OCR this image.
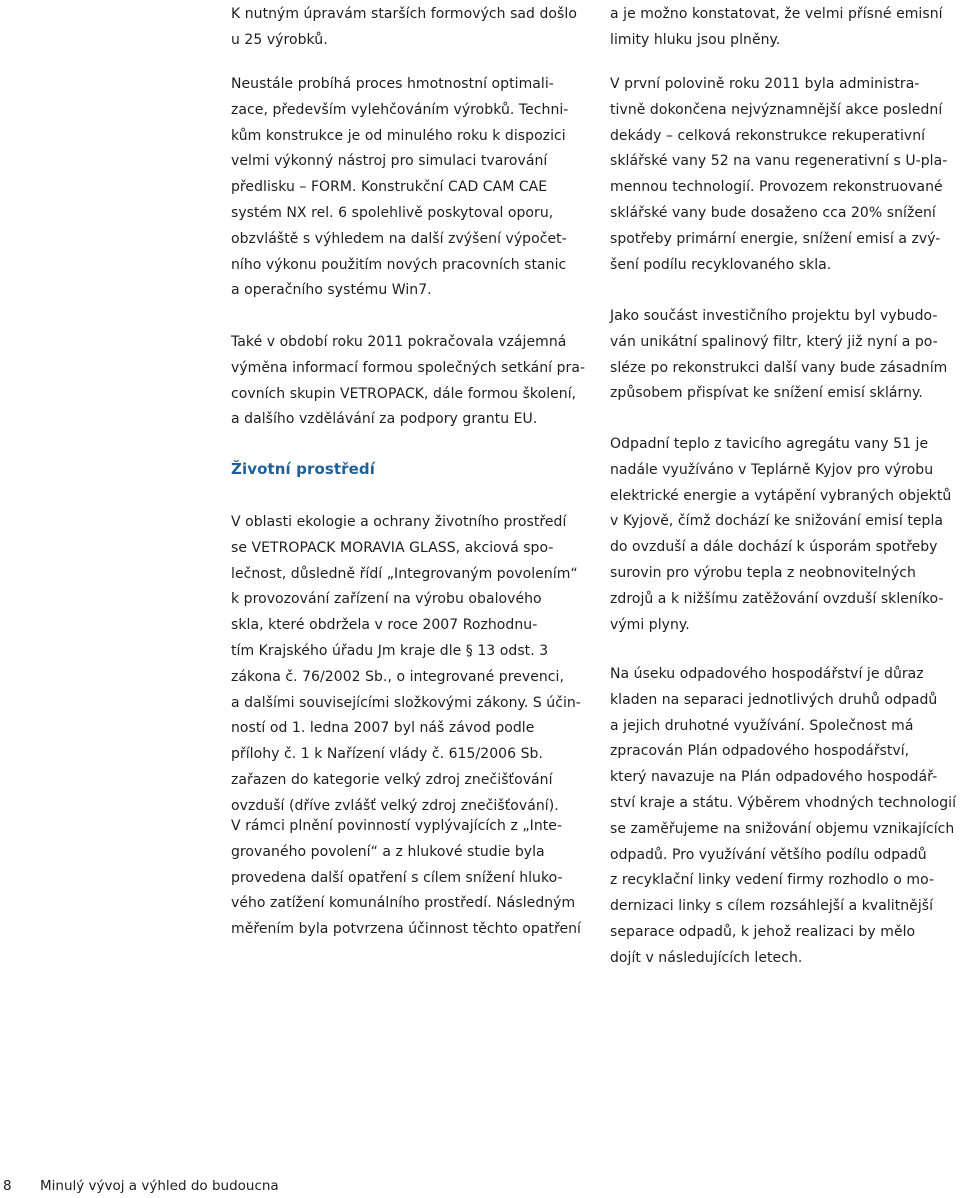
K nutným úpravám starších formových sad došlo
u 25 výrobků.
Neustále probíhá proces hmotnostní optimali-
zace, především vylehčováním výrobků. Techni-
kům konstrukce je od minulého roku k dispozici
velmi výkonný nástroj pro simulaci tvarování
předlisku – FORM. Konstrukční CAD CAM CAE
systém NX rel. 6 spolehlivě poskytoval oporu,
obzvláště s výhledem na další zvýšení výpočet-
ního výkonu použitím nových pracovních stanic
a operačního systému Win7.
Také v období roku 2011 pokračovala vzájemná
výměna informací formou společných setkání pra-
covních skupin VETROPACK, dále formou školení,
a dalšího vzdělávání za podpory grantu EU.
Životní prostředí
V oblasti ekologie a ochrany životního prostředí
se VETROPACK MORAVIA GLASS, akciová spo-
lečnost, důsledně řídí „Integrovaným povolením“
k provozování zařízení na výrobu obalového
skla, které obdržela v roce 2007 Rozhodnu-
tím Krajského úřadu Jm kraje dle § 13 odst. 3
zákona č. 76/2002 Sb., o integrované prevenci,
a dalšími souvisejícími složkovými zákony. S účin-
ností od 1. ledna 2007 byl náš závod podle
přílohy č. 1 k Nařízení vlády č. 615/2006 Sb.
zařazen do kategorie velký zdroj znečišťování
ovzduší (dříve zvlášť velký zdroj znečišťování).
V rámci plnění povinností vyplývajících z „Inte-
grovaného povolení“ a z hlukové studie byla
provedena další opatření s cílem snížení hluko-
vého zatížení komunálního prostředí. Následným
měřením byla potvrzena účinnost těchto opatření
a je možno konstatovat, že velmi přísné emisní
limity hluku jsou plněny.
V první polovině roku 2011 byla administra-
tivně dokončena nejvýznamnější akce poslední
dekády – celková rekonstrukce rekuperativní
sklářské vany 52 na vanu regenerativní s U-pla-
mennou technologií. Provozem rekonstruované
sklářské vany bude dosaženo cca 20% snížení
spotřeby primární energie, snížení emisí a zvý-
šení podílu recyklovaného skla.
Jako součást investičního projektu byl vybudo-
ván unikátní spalinový filtr, který již nyní a po-
sléze po rekonstrukci další vany bude zásadním
způsobem přispívat ke snížení emisí sklárny.
Odpadní teplo z tavicího agregátu vany 51 je
nadále využíváno v Teplárně Kyjov pro výrobu
elektrické energie a vytápění vybraných objektů
v Kyjově, čímž dochází ke snižování emisí tepla
do ovzduší a dále dochází k úsporám spotřeby
surovin pro výrobu tepla z neobnovitelných
zdrojů a k nižšímu zatěžování ovzduší skleníko-
vými plyny.
Na úseku odpadového hospodářství je důraz
kladen na separaci jednotlivých druhů odpadů
a jejich druhotné využívání. Společnost má
zpracován Plán odpadového hospodářství,
který navazuje na Plán odpadového hospodář-
ství kraje a státu. Výběrem vhodných technologií
se zaměřujeme na snižování objemu vznikajících
odpadů. Pro využívání většího podílu odpadů
z recyklační linky vedení firmy rozhodlo o mo-
dernizaci linky s cílem rozsáhlejší a kvalitnější
separace odpadů, k jehož realizaci by mělo
dojít v následujících letech.
8 Minulý vývoj a výhled do budoucna
